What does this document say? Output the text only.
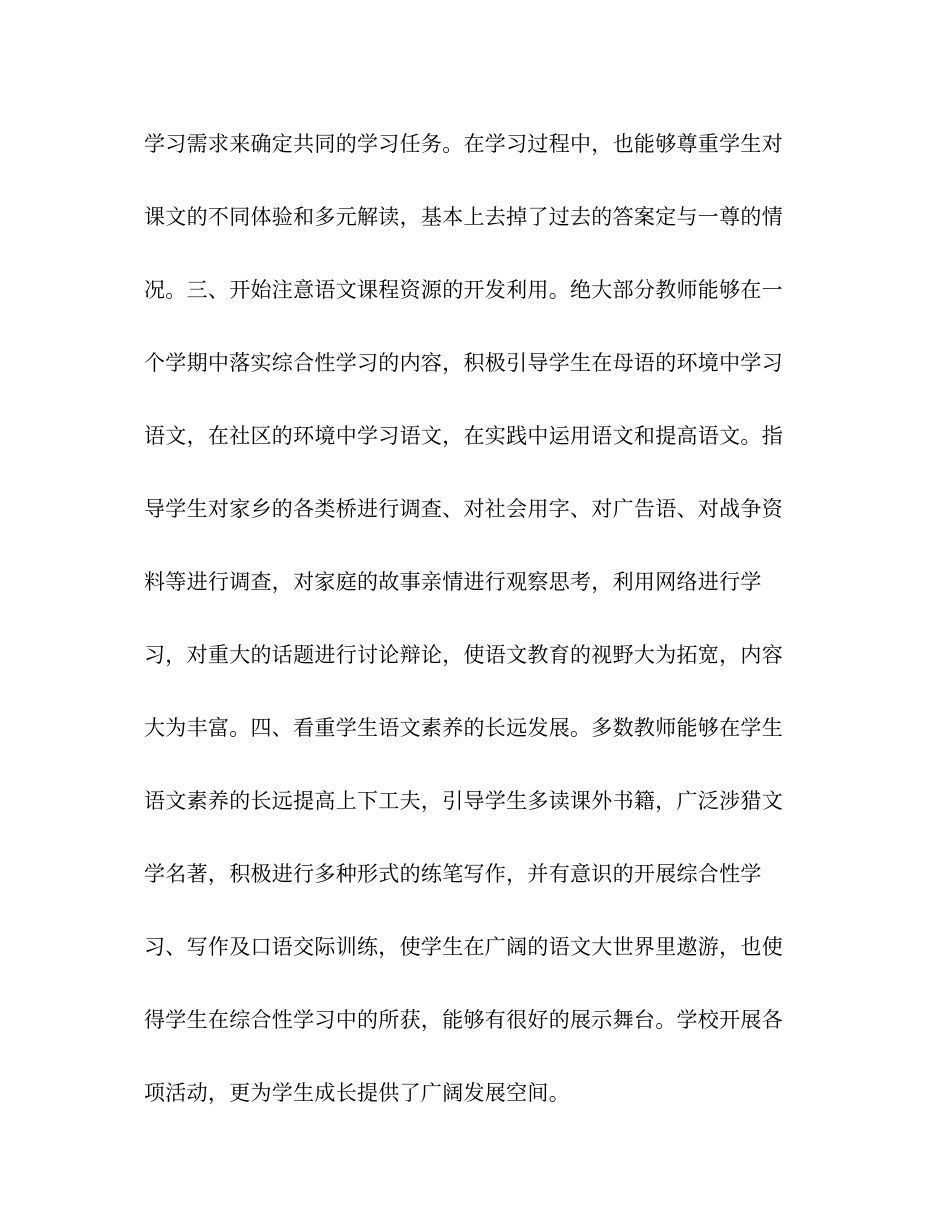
学习需求来确定共同的学习任务。在学习过程中，也能够尊重学生对
课文的不同体验和多元解读，基本上去掉了过去的答案定与一尊的情
况。三、开始注意语文课程资源的开发利用。绝大部分教师能够在一
个学期中落实综合性学习的内容，积极引导学生在母语的环境中学习
语文，在社区的环境中学习语文，在实践中运用语文和提高语文。指
导学生对家乡的各类桥进行调查、对社会用字、对广告语、对战争资
料等进行调查，对家庭的故事亲情进行观察思考，利用网络进行学
习，对重大的话题进行讨论辩论，使语文教育的视野大为拓宽，内容
大为丰富。四、看重学生语文素养的长远发展。多数教师能够在学生
语文素养的长远提高上下工夫，引导学生多读课外书籍，广泛涉猎文
学名著，积极进行多种形式的练笔写作，并有意识的开展综合性学
习、写作及口语交际训练，使学生在广阔的语文大世界里遨游，也使
得学生在综合性学习中的所获，能够有很好的展示舞台。学校开展各
项活动，更为学生成长提供了广阔发展空间。
